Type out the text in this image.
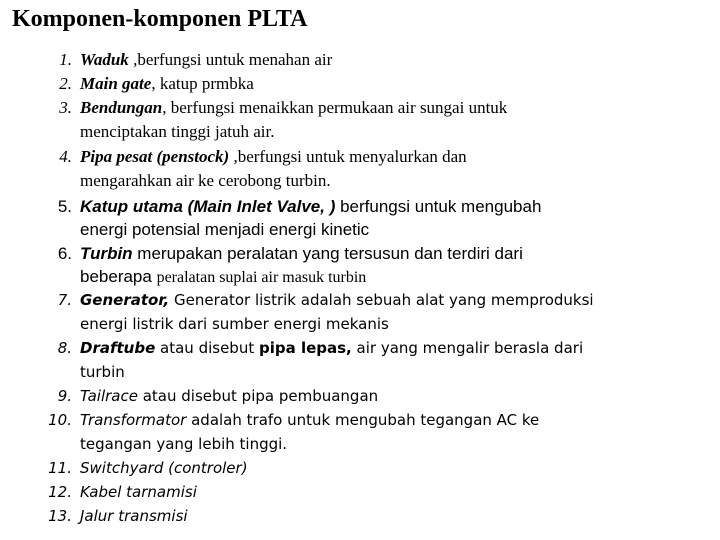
Komponen-komponen PLTA
1. Waduk ,berfungsi untuk menahan air
2. Main gate, katup prmbka
3. Bendungan, berfungsi menaikkan permukaan air sungai untuk
menciptakan tinggi jatuh air.
4. Pipa pesat (penstock) ,berfungsi untuk menyalurkan dan
mengarahkan air ke cerobong turbin.
5. Katup utama (Main Inlet Valve, ) berfungsi untuk mengubah
energi potensial menjadi energi kinetic
6. Turbin merupakan peralatan yang tersusun dan terdiri dari
beberapa peralatan suplai air masuk turbin
7. Generator, Generator listrik adalah sebuah alat yang memproduksi
energi listrik dari sumber energi mekanis
8. Draftube atau disebut pipa lepas, air yang mengalir berasla dari
turbin
9. Tailrace atau disebut pipa pembuangan
10. Transformator adalah trafo untuk mengubah tegangan AC ke
tegangan yang lebih tinggi.
11. Switchyard (controler)
12. Kabel tarnamisi
13. Jalur transmisi
